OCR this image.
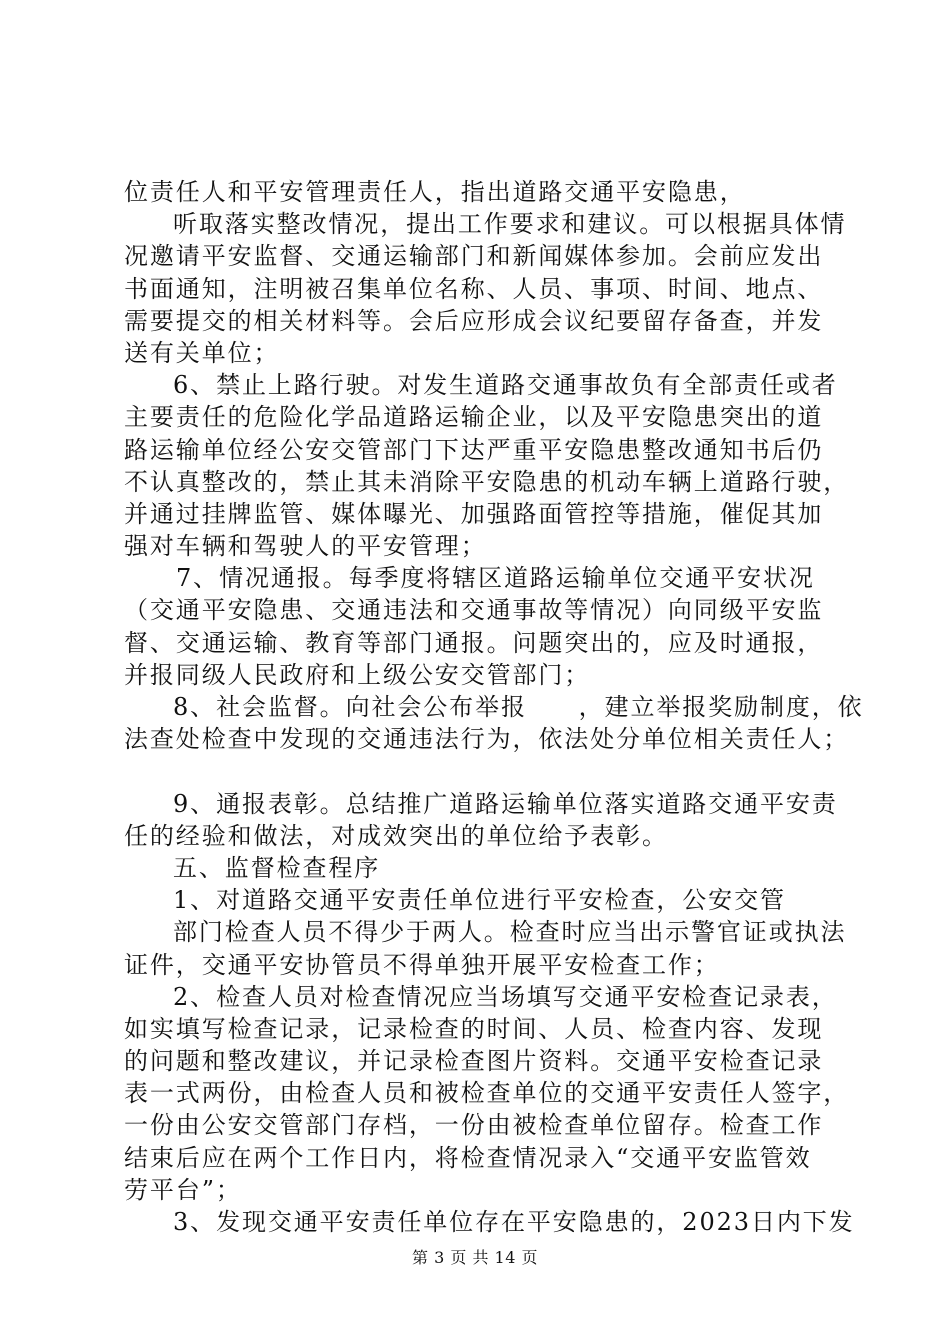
位责任人和平安管理责任人，指出道路交通平安隐患，
听取落实整改情况，提出工作要求和建议。可以根据具体情
况邀请平安监督、交通运输部门和新闻媒体参加。会前应发出
书面通知，注明被召集单位名称、人员、事项、时间、地点、
需要提交的相关材料等。会后应形成会议纪要留存备查，并发
送有关单位；
6、禁止上路行驶。对发生道路交通事故负有全部责任或者
主要责任的危险化学品道路运输企业，以及平安隐患突出的道
路运输单位经公安交管部门下达严重平安隐患整改通知书后仍
不认真整改的，禁止其未消除平安隐患的机动车辆上道路行驶，
并通过挂牌监管、媒体曝光、加强路面管控等措施，催促其加
强对车辆和驾驶人的平安管理；
7、情况通报。每季度将辖区道路运输单位交通平安状况
（交通平安隐患、交通违法和交通事故等情况）向同级平安监
督、交通运输、教育等部门通报。问题突出的，应及时通报，
并报同级人民政府和上级公安交管部门；
8、社会监督。向社会公布举报　　，建立举报奖励制度，依
法查处检查中发现的交通违法行为，依法处分单位相关责任人；
9、通报表彰。总结推广道路运输单位落实道路交通平安责
任的经验和做法，对成效突出的单位给予表彰。
五、监督检查程序
1、对道路交通平安责任单位进行平安检查，公安交管
部门检查人员不得少于两人。检查时应当出示警官证或执法
证件，交通平安协管员不得单独开展平安检查工作；
2、检查人员对检查情况应当场填写交通平安检查记录表，
如实填写检查记录，记录检查的时间、人员、检查内容、发现
的问题和整改建议，并记录检查图片资料。交通平安检查记录
表一式两份，由检查人员和被检查单位的交通平安责任人签字，
一份由公安交管部门存档，一份由被检查单位留存。检查工作
结束后应在两个工作日内，将检查情况录入“交通平安监管效
劳平台”；
3、发现交通平安责任单位存在平安隐患的，2023日内下发
第 3 页 共 14 页
